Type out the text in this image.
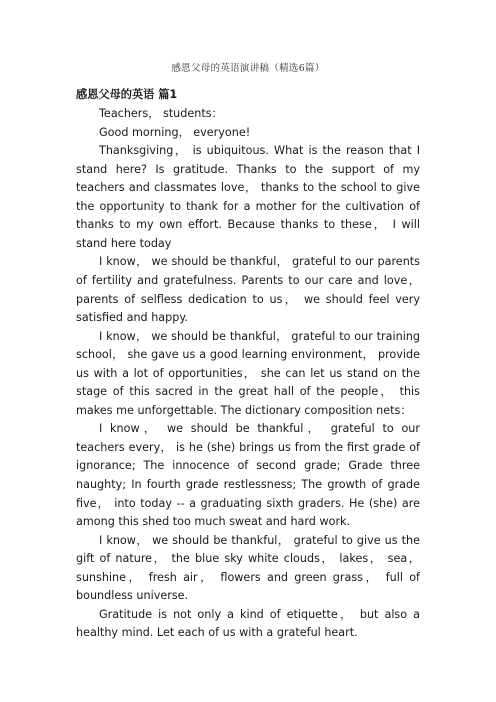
感恩父母的英语演讲稿（精选6篇）
感恩父母的英语 篇1

Teachers， students：

Good morning， everyone!

Thanksgiving， is ubiquitous. What is the reason that I stand here? Is gratitude. Thanks to the support of my teachers and classmates love， thanks to the school to give the opportunity to thank for a mother for the cultivation of thanks to my own effort. Because thanks to these， I will stand here today

I know， we should be thankful， grateful to our parents of fertility and gratefulness. Parents to our care and love， parents of selfless dedication to us， we should feel very satisfied and happy.

I know， we should be thankful， grateful to our training school， she gave us a good learning environment， provide us with a lot of opportunities， she can let us stand on the stage of this sacred in the great hall of the people， this makes me unforgettable. The dictionary composition nets：

I know， we should be thankful， grateful to our teachers every， is he (she) brings us from the first grade of ignorance; The innocence of second grade; Grade three naughty; In fourth grade restlessness; The growth of grade five， into today -- a graduating sixth graders. He (she) are among this shed too much sweat and hard work.

I know， we should be thankful， grateful to give us the gift of nature， the blue sky white clouds， lakes， sea， sunshine， fresh air， flowers and green grass， full of boundless universe.

Gratitude is not only a kind of etiquette， but also a healthy mind. Let each of us with a grateful heart.
